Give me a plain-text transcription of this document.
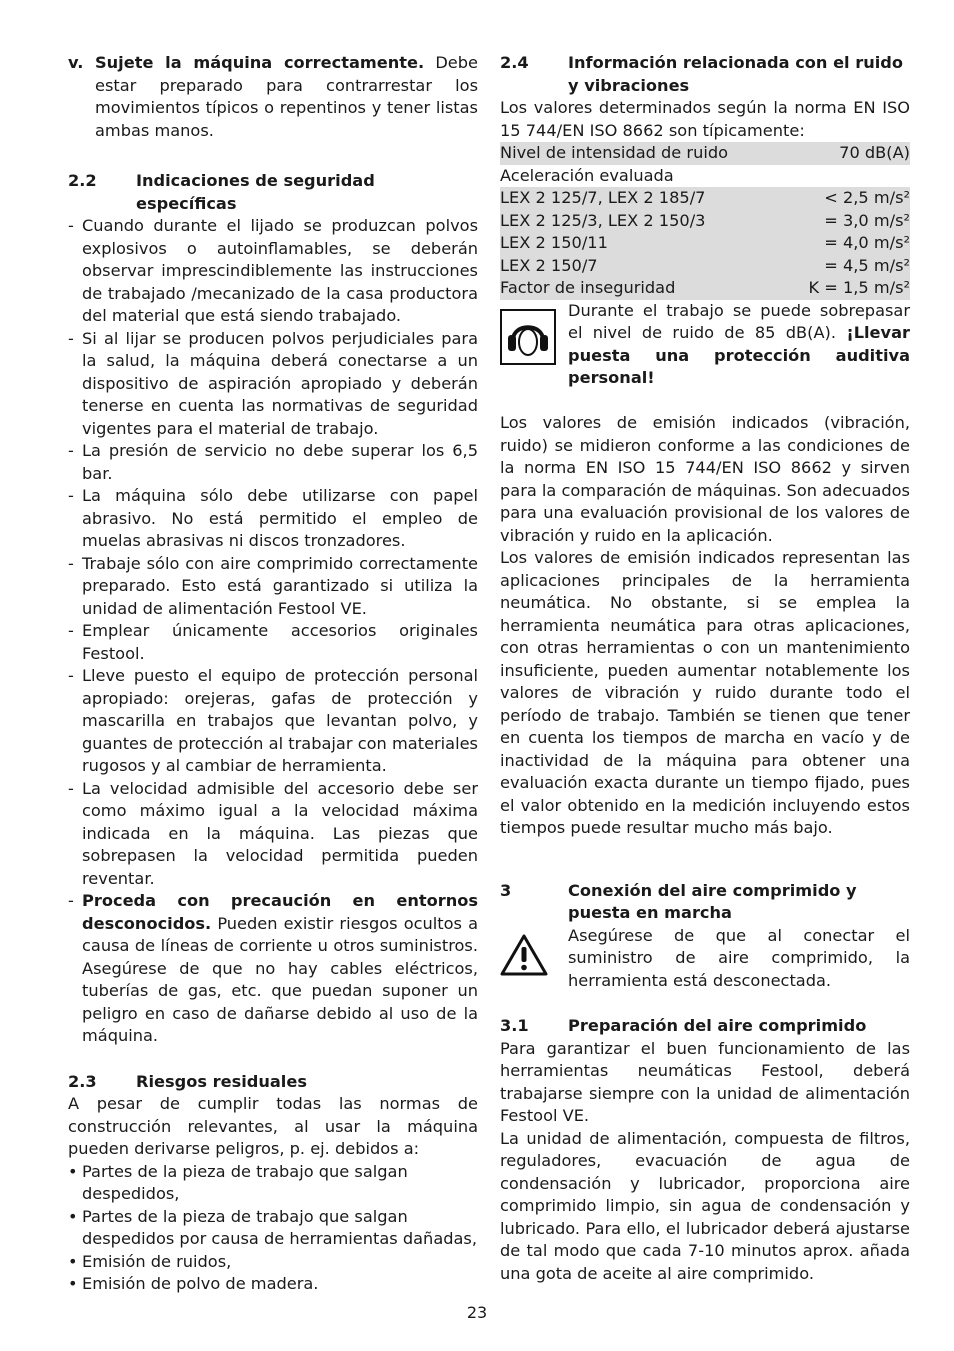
v. Sujete la máquina correctamente. Debe estar preparado para contrarrestar los movimientos típicos o repentinos y tener listas ambas manos.
2.2	Indicaciones de seguridad específicas
- Cuando durante el lijado se produzcan polvos explosivos o autoinflamables, se deberán observar imprescindiblemente las instrucciones de trabajado /mecanizado de la casa productora del material que está siendo trabajado.
- Si al lijar se producen polvos perjudiciales para la salud, la máquina deberá conectarse a un dispositivo de aspiración apropiado y deberán tenerse en cuenta las normativas de seguridad vigentes para el material de trabajo.
- La presión de servicio no debe superar los 6,5 bar.
- La máquina sólo debe utilizarse con papel abrasivo. No está permitido el empleo de muelas abrasivas ni discos tronzadores.
- Trabaje sólo con aire comprimido correctamente preparado. Esto está garantizado si utiliza la unidad de alimentación Festool VE.
- Emplear únicamente accesorios originales Festool.
- Lleve puesto el equipo de protección personal apropiado: orejeras, gafas de protección y mascarilla en trabajos que levantan polvo, y guantes de protección al trabajar con materiales rugosos y al cambiar de herramienta.
- La velocidad admisible del accesorio debe ser como máximo igual a la velocidad máxima indicada en la máquina. Las piezas que sobrepasen la velocidad permitida pueden reventar.
- Proceda con precaución en entornos desconocidos. Pueden existir riesgos ocultos a causa de líneas de corriente u otros suministros. Asegúrese de que no hay cables eléctricos, tuberías de gas, etc. que puedan suponer un peligro en caso de dañarse debido al uso de la máquina.
2.3	Riesgos residuales

A pesar de cumplir todas las normas de construcción relevantes, al usar la máquina pueden derivarse peligros, p. ej. debidos a:

• Partes de la pieza de trabajo que salgan despedidos,
• Partes de la pieza de trabajo que salgan despedidos por causa de herramientas dañadas,
• Emisión de ruidos,
• Emisión de polvo de madera.
2.4	Información relacionada con el ruido y vibraciones

Los valores determinados según la norma EN ISO 15 744/EN ISO 8662 son típicamente:

Nivel de intensidad de ruido	70 dB(A)
Aceleración evaluada	
LEX 2 125/7, LEX 2 185/7	< 2,5 m/s²
LEX 2 125/3, LEX 2 150/3	= 3,0 m/s²
LEX 2 150/11	= 4,0 m/s²
LEX 2 150/7	= 4,5 m/s²
Factor de inseguridad	K = 1,5 m/s²
Durante el trabajo se puede sobrepasar el nivel de ruido de 85 dB(A). ¡Llevar puesta una protección auditiva personal!

Los valores de emisión indicados (vibración, ruido) se midieron conforme a las condiciones de la norma EN ISO 15 744/EN ISO 8662 y sirven para la comparación de máquinas. Son adecuados para una evaluación provisional de los valores de vibración y ruido en la aplicación.

Los valores de emisión indicados representan las aplicaciones principales de la herramienta neumática. No obstante, si se emplea la herramienta neumática para otras aplicaciones, con otras herramientas o con un mantenimiento insuficiente, pueden aumentar notablemente los valores de vibración y ruido durante todo el período de trabajo. También se tienen que tener en cuenta los tiempos de marcha en vacío y de inactividad de la máquina para obtener una evaluación exacta durante un tiempo fijado, pues el valor obtenido en la medición incluyendo estos tiempos puede resultar mucho más bajo.

3	Conexión del aire comprimido y puesta en marcha
Asegúrese de que al conectar el suministro de aire comprimido, la herramienta está desconectada.
3.1	Preparación del aire comprimido

Para garantizar el buen funcionamiento de las herramientas neumáticas Festool, deberá trabajarse siempre con la unidad de alimentación Festool VE.

La unidad de alimentación, compuesta de filtros, reguladores, evacuación de agua de condensación y lubricador, proporciona aire comprimido limpio, sin agua de condensación y lubricado. Para ello, el lubricador deberá ajustarse de tal modo que cada 7-10 minutos aprox. añada una gota de aceite al aire comprimido.

23
